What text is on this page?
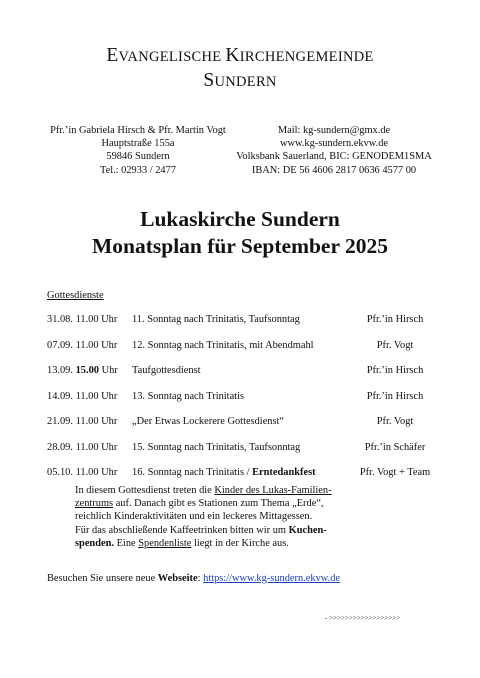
EVANGELISCHE KIRCHENGEMEINDE
SUNDERN
Pfr.’in Gabriela Hirsch & Pfr. Martin Vogt
Hauptstraße 155a
59846 Sundern
Tel.: 02933 / 2477
Mail: kg-sundern@gmx.de
www.kg-sundern.ekvw.de
Volksbank Sauerland, BIC: GENODEM1SMA
IBAN: DE 56 4606 2817 0636 4577 00
Lukaskirche Sundern
Monatsplan für September 2025
Gottesdienste
31.08. 11.00 Uhr 11. Sonntag nach Trinitatis, Taufsonntag	Pfr.’in Hirsch
07.09. 11.00 Uhr 12. Sonntag nach Trinitatis, mit Abendmahl	Pfr. Vogt
13.09. 15.00 Uhr Taufgottesdienst	Pfr.’in Hirsch
14.09. 11.00 Uhr 13. Sonntag nach Trinitatis	Pfr.’in Hirsch
21.09. 11.00 Uhr „Der Etwas Lockerere Gottesdienst“	Pfr. Vogt
28.09. 11.00 Uhr 15. Sonntag nach Trinitatis, Taufsonntag	Pfr.’in Schäfer
05.10. 11.00 Uhr 16. Sonntag nach Trinitatis / Erntedankfest	Pfr. Vogt + Team
In diesem Gottesdienst treten die Kinder des Lukas-Familien-
zentrums auf. Danach gibt es Stationen zum Thema „Erde“,
reichlich Kinderaktivitäten und ein leckeres Mittagessen.
Für das abschließende Kaffeetrinken bitten wir um Kuchen-
spenden. Eine Spendenliste liegt in der Kirche aus.
Besuchen Sie unsere neue Webseite: https://www.kg-sundern.ekvw.de
- >>>>>>>>>>>>>>>>>>
